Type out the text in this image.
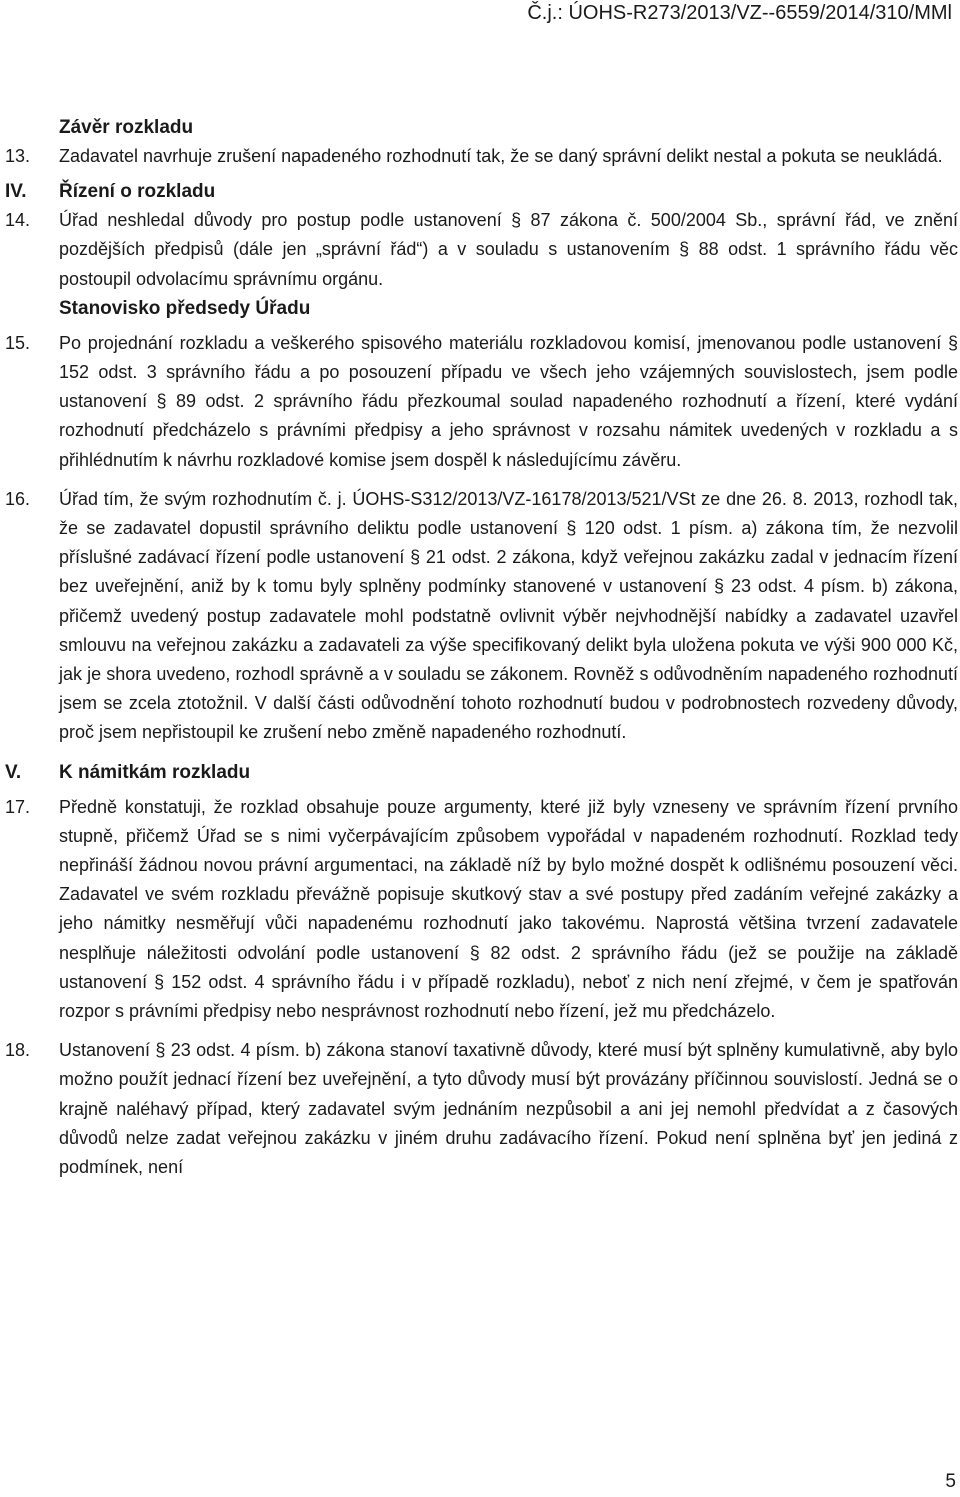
Č.j.: ÚOHS-R273/2013/VZ--6559/2014/310/MMl
Závěr rozkladu
13. Zadavatel navrhuje zrušení napadeného rozhodnutí tak, že se daný správní delikt nestal a pokuta se neukládá.

IV. Řízení o rozkladu
14. Úřad neshledal důvody pro postup podle ustanovení § 87 zákona č. 500/2004 Sb., správní řád, ve znění pozdějších předpisů (dále jen „správní řád“) a v souladu s ustanovením § 88 odst. 1 správního řádu věc postoupil odvolacímu správnímu orgánu.

Stanovisko předsedy Úřadu
15. Po projednání rozkladu a veškerého spisového materiálu rozkladovou komisí, jmenovanou podle ustanovení § 152 odst. 3 správního řádu a po posouzení případu ve všech jeho vzájemných souvislostech, jsem podle ustanovení § 89 odst. 2 správního řádu přezkoumal soulad napadeného rozhodnutí a řízení, které vydání rozhodnutí předcházelo s právními předpisy a jeho správnost v rozsahu námitek uvedených v rozkladu a s přihlédnutím k návrhu rozkladové komise jsem dospěl k následujícímu závěru.

16. Úřad tím, že svým rozhodnutím č. j. ÚOHS-S312/2013/VZ-16178/2013/521/VSt ze dne 26. 8. 2013, rozhodl tak, že se zadavatel dopustil správního deliktu podle ustanovení § 120 odst. 1 písm. a) zákona tím, že nezvolil příslušné zadávací řízení podle ustanovení § 21 odst. 2 zákona, když veřejnou zakázku zadal v jednacím řízení bez uveřejnění, aniž by k tomu byly splněny podmínky stanovené v ustanovení § 23 odst. 4 písm. b) zákona, přičemž uvedený postup zadavatele mohl podstatně ovlivnit výběr nejvhodnější nabídky a zadavatel uzavřel smlouvu na veřejnou zakázku a zadavateli za výše specifikovaný delikt byla uložena pokuta ve výši 900 000 Kč, jak je shora uvedeno, rozhodl správně a v souladu se zákonem. Rovněž s odůvodněním napadeného rozhodnutí jsem se zcela ztotožnil. V další části odůvodnění tohoto rozhodnutí budou v podrobnostech rozvedeny důvody, proč jsem nepřistoupil ke zrušení nebo změně napadeného rozhodnutí.

V. K námitkám rozkladu
17. Předně konstatuji, že rozklad obsahuje pouze argumenty, které již byly vzneseny ve správním řízení prvního stupně, přičemž Úřad se s nimi vyčerpávajícím způsobem vypořádal v napadeném rozhodnutí. Rozklad tedy nepřináší žádnou novou právní argumentaci, na základě níž by bylo možné dospět k odlišnému posouzení věci. Zadavatel ve svém rozkladu převážně popisuje skutkový stav a své postupy před zadáním veřejné zakázky a jeho námitky nesměřují vůči napadenému rozhodnutí jako takovému. Naprostá většina tvrzení zadavatele nesplňuje náležitosti odvolání podle ustanovení § 82 odst. 2 správního řádu (jež se použije na základě ustanovení § 152 odst. 4 správního řádu i v případě rozkladu), neboť z nich není zřejmé, v čem je spatřován rozpor s právními předpisy nebo nesprávnost rozhodnutí nebo řízení, jež mu předcházelo.

18. Ustanovení § 23 odst. 4 písm. b) zákona stanoví taxativně důvody, které musí být splněny kumulativně, aby bylo možno použít jednací řízení bez uveřejnění, a tyto důvody musí být provázány příčinnou souvislostí. Jedná se o krajně naléhavý případ, který zadavatel svým jednáním nezpůsobil a ani jej nemohl předvídat a z časových důvodů nelze zadat veřejnou zakázku v jiném druhu zadávacího řízení. Pokud není splněna byť jen jediná z podmínek, není

5
